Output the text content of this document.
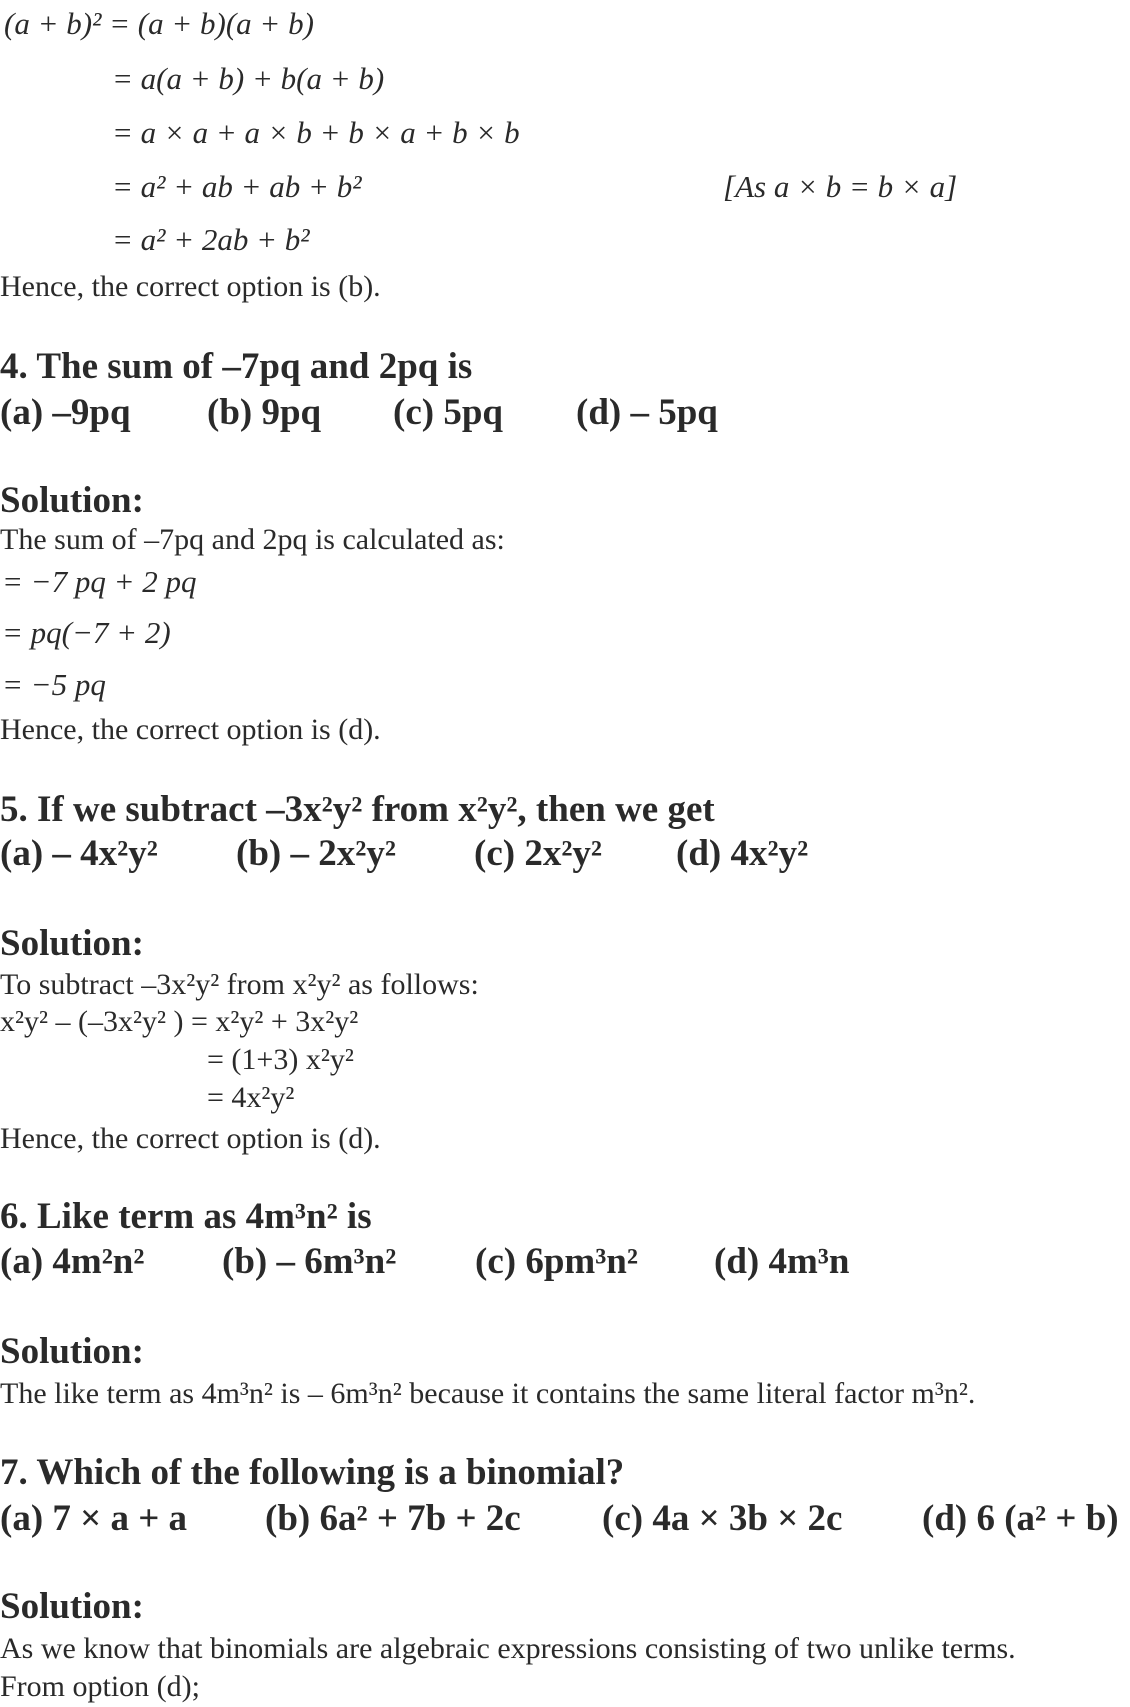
(a + b)² = (a + b)(a + b)
= a(a + b) + b(a + b)
= a × a + a × b + b × a + b × b
= a² + ab + ab + b²	[As a × b = b × a]
= a² + 2ab + b²
Hence, the correct option is (b).
4. The sum of –7pq and 2pq is
(a) –9pq (b) 9pq (c) 5pq (d) – 5pq
Solution:
The sum of –7pq and 2pq is calculated as:
= −7 pq + 2 pq
= pq(−7 + 2)
= −5 pq
Hence, the correct option is (d).
5. If we subtract –3x²y² from x²y², then we get
(a) – 4x²y² (b) – 2x²y² (c) 2x²y² (d) 4x²y²
Solution:
To subtract –3x²y² from x²y² as follows:
x²y² – (–3x²y² ) = x²y² + 3x²y²
= (1+3) x²y²
= 4x²y²
Hence, the correct option is (d).
6. Like term as 4m³n² is
(a) 4m²n² (b) – 6m³n² (c) 6pm³n² (d) 4m³n
Solution:
The like term as 4m³n² is – 6m³n² because it contains the same literal factor m³n².
7. Which of the following is a binomial?
(a) 7 × a + a (b) 6a² + 7b + 2c (c) 4a × 3b × 2c (d) 6 (a² + b)
Solution:
As we know that binomials are algebraic expressions consisting of two unlike terms.
From option (d);
